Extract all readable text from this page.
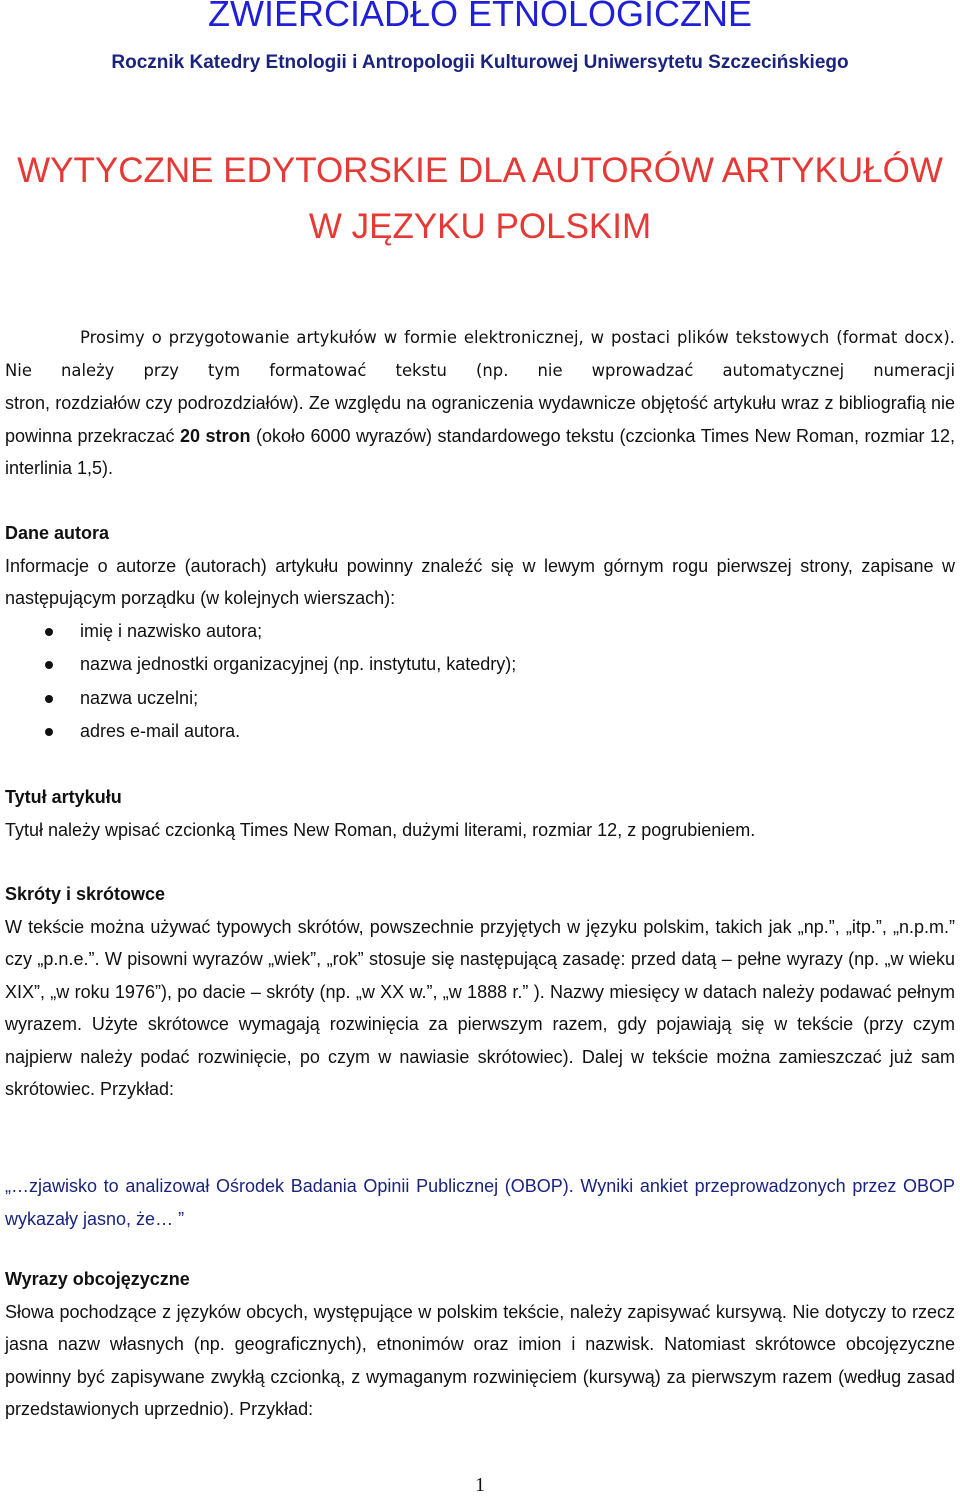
ZWIERCIADŁO ETNOLOGICZNE
Rocznik Katedry Etnologii i Antropologii Kulturowej Uniwersytetu Szczecińskiego
WYTYCZNE EDYTORSKIE DLA AUTORÓW ARTYKUŁÓW
W JĘZYKU POLSKIM
Prosimy o przygotowanie artykułów w formie elektronicznej, w postaci plików tekstowych (format docx). Nie należy przy tym formatować tekstu (np. nie wprowadzać automatycznej numeracji
stron, rozdziałów czy podrozdziałów). Ze względu na ograniczenia wydawnicze objętość artykułu wraz z bibliografią nie powinna przekraczać 20 stron (około 6000 wyrazów) standardowego tekstu (czcionka Times New Roman, rozmiar 12, interlinia 1,5).
Dane autora
Informacje o autorze (autorach) artykułu powinny znaleźć się w lewym górnym rogu pierwszej strony, zapisane w następującym porządku (w kolejnych wierszach):
imię i nazwisko autora;
nazwa jednostki organizacyjnej (np. instytutu, katedry);
nazwa uczelni;
adres e-mail autora.
Tytuł artykułu
Tytuł należy wpisać czcionką Times New Roman, dużymi literami, rozmiar 12, z pogrubieniem.
Skróty i skrótowce
W tekście można używać typowych skrótów, powszechnie przyjętych w języku polskim, takich jak „np.”, „itp.”, „n.p.m.” czy „p.n.e.”. W pisowni wyrazów „wiek”, „rok” stosuje się następującą zasadę: przed datą – pełne wyrazy (np. „w wieku XIX”, „w roku 1976”), po dacie – skróty (np. „w XX w.”, „w 1888 r.” ). Nazwy miesięcy w datach należy podawać pełnym wyrazem. Użyte skrótowce wymagają rozwinięcia za pierwszym razem, gdy pojawiają się w tekście (przy czym najpierw należy podać rozwinięcie, po czym w nawiasie skrótowiec). Dalej w tekście można zamieszczać już sam skrótowiec. Przykład:
„…zjawisko to analizował Ośrodek Badania Opinii Publicznej (OBOP). Wyniki ankiet przeprowadzonych przez OBOP wykazały jasno, że… ”
Wyrazy obcojęzyczne
Słowa pochodzące z języków obcych, występujące w polskim tekście, należy zapisywać kursywą. Nie dotyczy to rzecz jasna nazw własnych (np. geograficznych), etnonimów oraz imion i nazwisk. Natomiast skrótowce obcojęzyczne powinny być zapisywane zwykłą czcionką, z wymaganym rozwinięciem (kursywą) za pierwszym razem (według zasad przedstawionych uprzednio). Przykład:
1
